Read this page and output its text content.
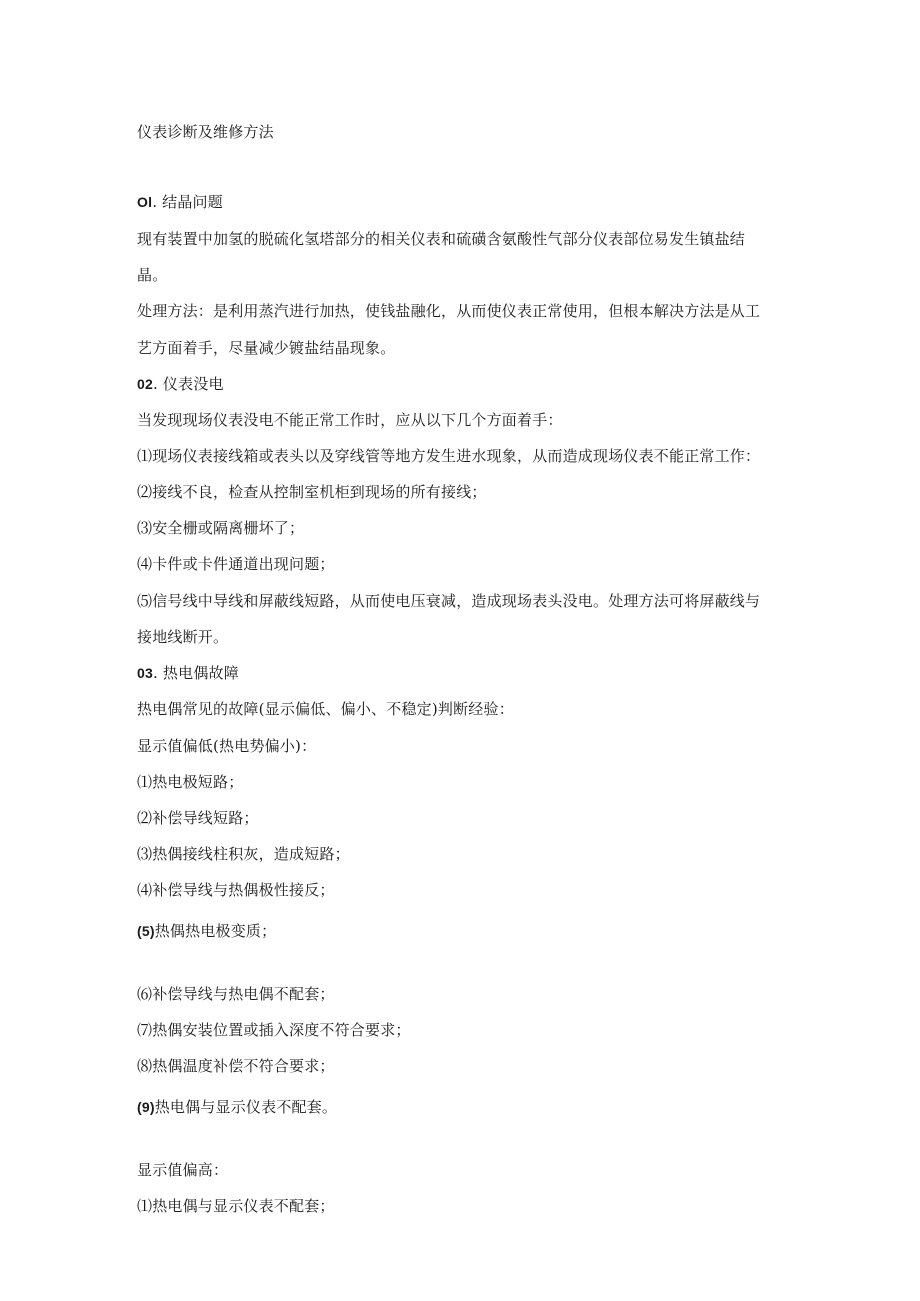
仪表诊断及维修方法
Ol. 结晶问题
现有装置中加氢的脱硫化氢塔部分的相关仪表和硫磺含氨酸性气部分仪表部位易发生镇盐结
晶。
处理方法：是利用蒸汽进行加热，使钱盐融化，从而使仪表正常使用，但根本解决方法是从工
艺方面着手，尽量减少镀盐结晶现象。
02. 仪表没电
当发现现场仪表没电不能正常工作时，应从以下几个方面着手：
⑴现场仪表接线箱或表头以及穿线管等地方发生进水现象，从而造成现场仪表不能正常工作：
⑵接线不良，检查从控制室机柜到现场的所有接线；
⑶安全栅或隔离栅坏了；
⑷卡件或卡件通道出现问题；
⑸信号线中导线和屏蔽线短路，从而使电压衰减，造成现场表头没电。处理方法可将屏蔽线与
接地线断开。
03. 热电偶故障
热电偶常见的故障(显示偏低、偏小、不稳定)判断经验：
显示值偏低(热电势偏小)：
⑴热电极短路；
⑵补偿导线短路；
⑶热偶接线柱积灰，造成短路；
⑷补偿导线与热偶极性接反；
(5)热偶热电极变质；
⑹补偿导线与热电偶不配套；
⑺热偶安装位置或插入深度不符合要求；
⑻热偶温度补偿不符合要求；
(9)热电偶与显示仪表不配套。
显示值偏高：
⑴热电偶与显示仪表不配套；
